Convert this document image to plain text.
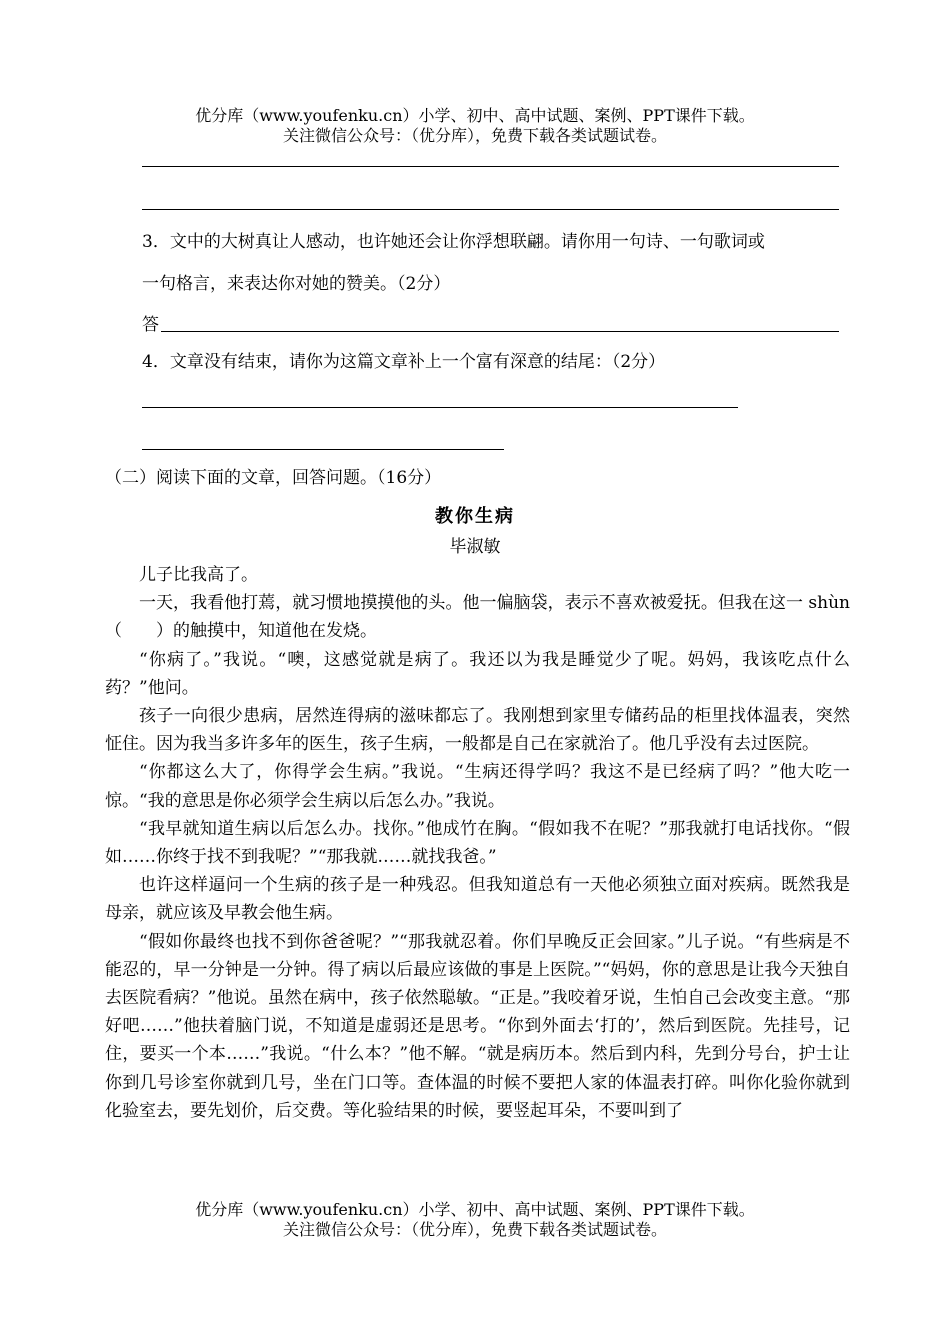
优分库（www.youfenku.cn）小学、初中、高中试题、案例、PPT课件下载。
关注微信公众号：（优分库），免费下载各类试题试卷。
3．文中的大树真让人感动，也许她还会让你浮想联翩。请你用一句诗、一句歌词或
一句格言，来表达你对她的赞美。（2分）
答
4．文章没有结束，请你为这篇文章补上一个富有深意的结尾：（2分）
（二）阅读下面的文章，回答问题。（16分）
教你生病
毕淑敏

儿子比我高了。

一天，我看他打蔫，就习惯地摸摸他的头。他一偏脑袋，表示不喜欢被爱抚。但我在这一 shùn（　　）的触摸中，知道他在发烧。

“你病了。”我说。“噢，这感觉就是病了。我还以为我是睡觉少了呢。妈妈，我该吃点什么药？”他问。

孩子一向很少患病，居然连得病的滋味都忘了。我刚想到家里专储药品的柜里找体温表，突然怔住。因为我当多许多年的医生，孩子生病，一般都是自己在家就治了。他几乎没有去过医院。

“你都这么大了，你得学会生病。”我说。“生病还得学吗？我这不是已经病了吗？”他大吃一惊。“我的意思是你必须学会生病以后怎么办。”我说。

“我早就知道生病以后怎么办。找你。”他成竹在胸。“假如我不在呢？”那我就打电话找你。“假如……你终于找不到我呢？”“那我就……就找我爸。”

也许这样逼问一个生病的孩子是一种残忍。但我知道总有一天他必须独立面对疾病。既然我是母亲，就应该及早教会他生病。

“假如你最终也找不到你爸爸呢？”“那我就忍着。你们早晚反正会回家。”儿子说。“有些病是不能忍的，早一分钟是一分钟。得了病以后最应该做的事是上医院。”“妈妈，你的意思是让我今天独自去医院看病？”他说。虽然在病中，孩子依然聪敏。“正是。”我咬着牙说，生怕自己会改变主意。“那好吧……”他扶着脑门说，不知道是虚弱还是思考。“你到外面去‘打的’，然后到医院。先挂号，记住，要买一个本……”我说。“什么本？”他不解。“就是病历本。然后到内科，先到分号台，护士让你到几号诊室你就到几号，坐在门口等。查体温的时候不要把人家的体温表打碎。叫你化验你就到化验室去，要先划价，后交费。等化验结果的时候，要竖起耳朵，不要叫到了

优分库（www.youfenku.cn）小学、初中、高中试题、案例、PPT课件下载。
关注微信公众号：（优分库），免费下载各类试题试卷。
